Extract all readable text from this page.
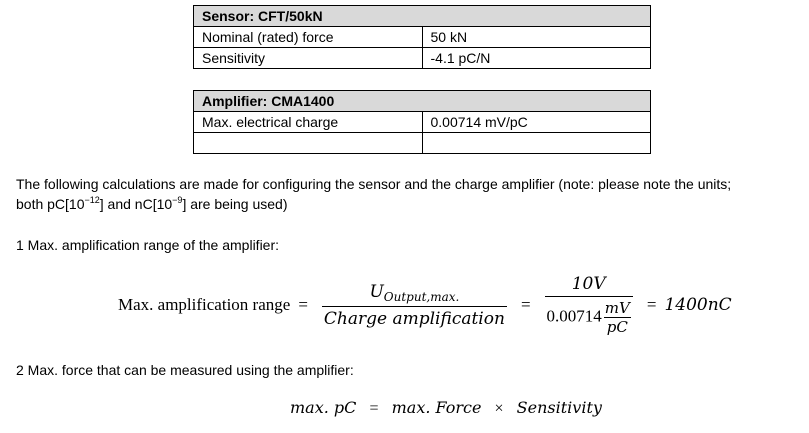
Sensor: CFT/50kN	
Nominal (rated) force	50 kN
Sensitivity	-4.1 pC/N
Amplifier: CMA1400	
Max. electrical charge	0.00714 mV/pC

The following calculations are made for configuring the sensor and the charge amplifier (note: please note the units;
both $pC[10^{-12}]$ and $nC[10^{-9}]$ are being used)
1 Max. amplification range of the amplifier:
Max. amplification range = $\frac{U_{Output,max.}}{\text{Charge amplification}} = \frac{10V}{0.00714 \frac{mV}{pC}} = 1400nC$
2 Max. force that can be measured using the amplifier:
max. pC = max. Force × Sensitivity
